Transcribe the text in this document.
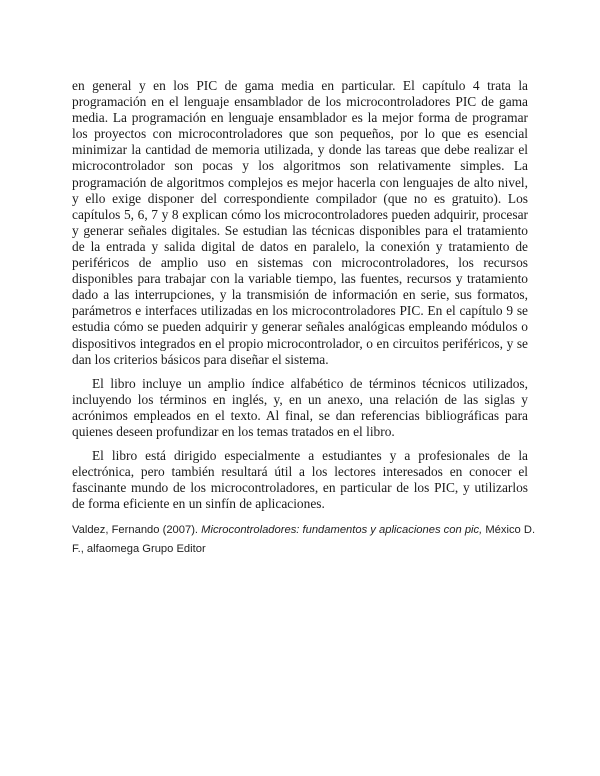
en general y en los PIC de gama media en particular. El capítulo 4 trata la programación en el lenguaje ensamblador de los microcontroladores PIC de gama media. La programación en lenguaje ensamblador es la mejor forma de programar los proyectos con microcontroladores que son pequeños, por lo que es esencial minimizar la cantidad de memoria utilizada, y donde las tareas que debe realizar el microcontrolador son pocas y los algoritmos son relativamente simples. La programación de algoritmos complejos es mejor hacerla con lenguajes de alto nivel, y ello exige disponer del correspondiente compilador (que no es gratuito). Los capítulos 5, 6, 7 y 8 explican cómo los microcontroladores pueden adquirir, procesar y generar señales digitales. Se estudian las técnicas disponibles para el tratamiento de la entrada y salida digital de datos en paralelo, la conexión y tratamiento de periféricos de amplio uso en sistemas con microcontroladores, los recursos disponibles para trabajar con la variable tiempo, las fuentes, recursos y tratamiento dado a las interrupciones, y la transmisión de información en serie, sus formatos, parámetros e interfaces utilizadas en los microcontroladores PIC. En el capítulo 9 se estudia cómo se pueden adquirir y generar señales analógicas empleando módulos o dispositivos integrados en el propio microcontrolador, o en circuitos periféricos, y se dan los criterios básicos para diseñar el sistema.

El libro incluye un amplio índice alfabético de términos técnicos utilizados, incluyendo los términos en inglés, y, en un anexo, una relación de las siglas y acrónimos empleados en el texto. Al final, se dan referencias bibliográficas para quienes deseen profundizar en los temas tratados en el libro.

El libro está dirigido especialmente a estudiantes y a profesionales de la electrónica, pero también resultará útil a los lectores interesados en conocer el fascinante mundo de los microcontroladores, en particular de los PIC, y utilizarlos de forma eficiente en un sinfín de aplicaciones.

Valdez, Fernando (2007). Microcontroladores: fundamentos y aplicaciones con pic, México D. F., alfaomega Grupo Editor
